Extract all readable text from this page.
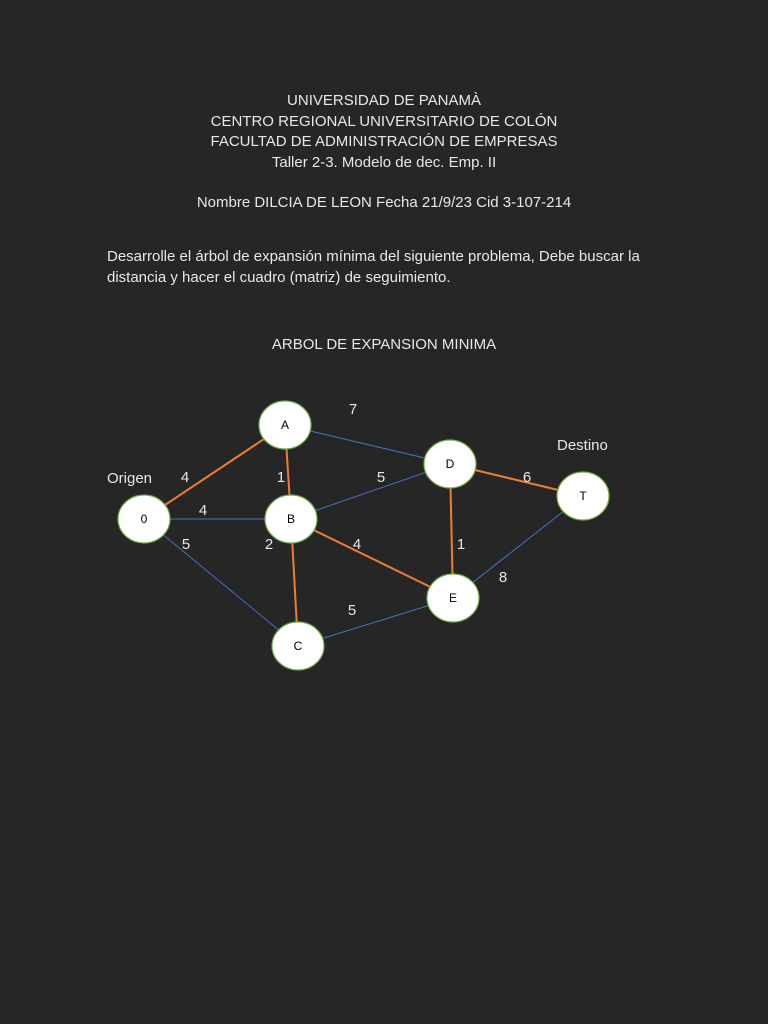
UNIVERSIDAD DE PANAMÀ
CENTRO REGIONAL UNIVERSITARIO DE COLÓN
FACULTAD DE ADMINISTRACIÓN DE EMPRESAS
Taller 2-3. Modelo de dec. Emp. II
Nombre DILCIA DE LEON Fecha 21/9/23 Cid 3-107-214
Desarrolle el árbol de expansión mínima del siguiente problema, Debe buscar la distancia y hacer el cuadro (matriz) de seguimiento.
ARBOL DE EXPANSION MINIMA
4
4
5
1
7
5
2	4	1
6
5
8
0
A
B
C
D
E
T
Origen
Destino
